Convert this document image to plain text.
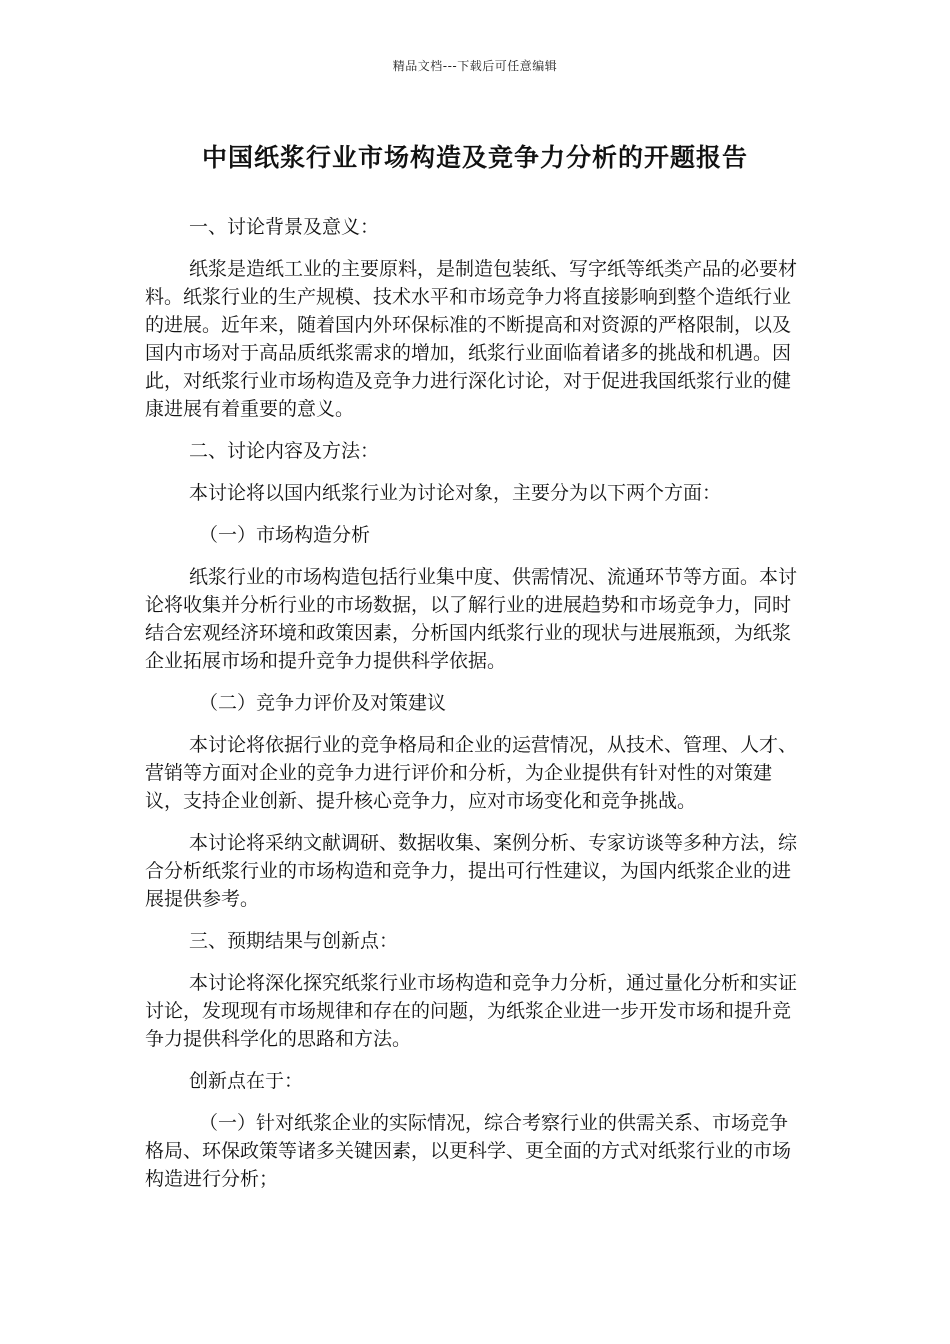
精品文档---下载后可任意编辑
中国纸浆行业市场构造及竞争力分析的开题报告

一、讨论背景及意义：

纸浆是造纸工业的主要原料，是制造包装纸、写字纸等纸类产品的必要材料。纸浆行业的生产规模、技术水平和市场竞争力将直接影响到整个造纸行业的进展。近年来，随着国内外环保标准的不断提高和对资源的严格限制，以及国内市场对于高品质纸浆需求的增加，纸浆行业面临着诸多的挑战和机遇。因此，对纸浆行业市场构造及竞争力进行深化讨论，对于促进我国纸浆行业的健康进展有着重要的意义。

二、讨论内容及方法：

本讨论将以国内纸浆行业为讨论对象，主要分为以下两个方面：

（一）市场构造分析

纸浆行业的市场构造包括行业集中度、供需情况、流通环节等方面。本讨论将收集并分析行业的市场数据，以了解行业的进展趋势和市场竞争力，同时结合宏观经济环境和政策因素，分析国内纸浆行业的现状与进展瓶颈，为纸浆企业拓展市场和提升竞争力提供科学依据。

（二）竞争力评价及对策建议

本讨论将依据行业的竞争格局和企业的运营情况，从技术、管理、人才、营销等方面对企业的竞争力进行评价和分析，为企业提供有针对性的对策建议，支持企业创新、提升核心竞争力，应对市场变化和竞争挑战。

本讨论将采纳文献调研、数据收集、案例分析、专家访谈等多种方法，综合分析纸浆行业的市场构造和竞争力，提出可行性建议，为国内纸浆企业的进展提供参考。

三、预期结果与创新点：

本讨论将深化探究纸浆行业市场构造和竞争力分析，通过量化分析和实证讨论，发现现有市场规律和存在的问题，为纸浆企业进一步开发市场和提升竞争力提供科学化的思路和方法。

创新点在于：

（一）针对纸浆企业的实际情况，综合考察行业的供需关系、市场竞争格局、环保政策等诸多关键因素，以更科学、更全面的方式对纸浆行业的市场构造进行分析；
